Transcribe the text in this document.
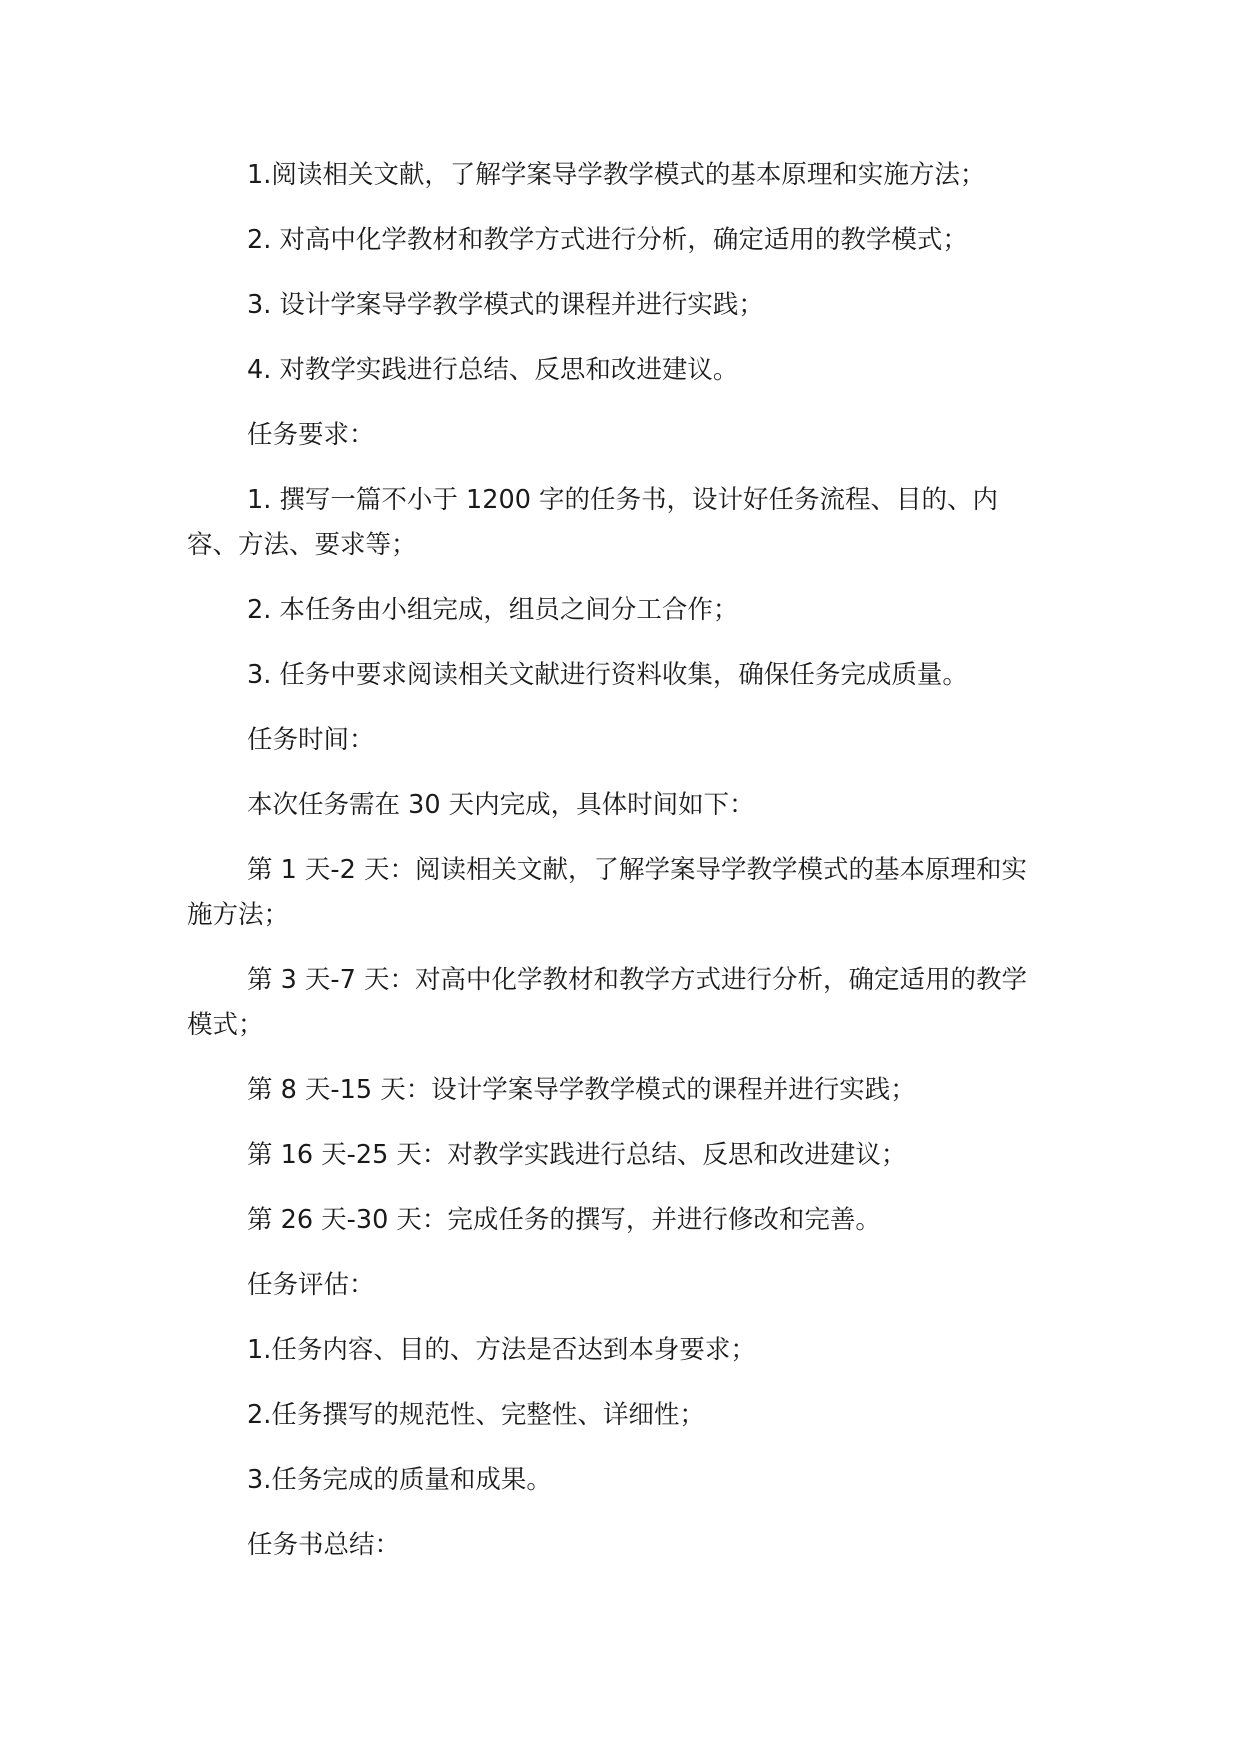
1.阅读相关文献，了解学案导学教学模式的基本原理和实施方法；

2. 对高中化学教材和教学方式进行分析，确定适用的教学模式；

3. 设计学案导学教学模式的课程并进行实践；

4. 对教学实践进行总结、反思和改进建议。

任务要求：

1. 撰写一篇不小于 1200 字的任务书，设计好任务流程、目的、内容、方法、要求等；

2. 本任务由小组完成，组员之间分工合作；

3. 任务中要求阅读相关文献进行资料收集，确保任务完成质量。

任务时间：

本次任务需在 30 天内完成，具体时间如下：

第 1 天-2 天：阅读相关文献，了解学案导学教学模式的基本原理和实施方法；

第 3 天-7 天：对高中化学教材和教学方式进行分析，确定适用的教学模式；

第 8 天-15 天：设计学案导学教学模式的课程并进行实践；

第 16 天-25 天：对教学实践进行总结、反思和改进建议；

第 26 天-30 天：完成任务的撰写，并进行修改和完善。

任务评估：

1.任务内容、目的、方法是否达到本身要求；

2.任务撰写的规范性、完整性、详细性；

3.任务完成的质量和成果。

任务书总结：
